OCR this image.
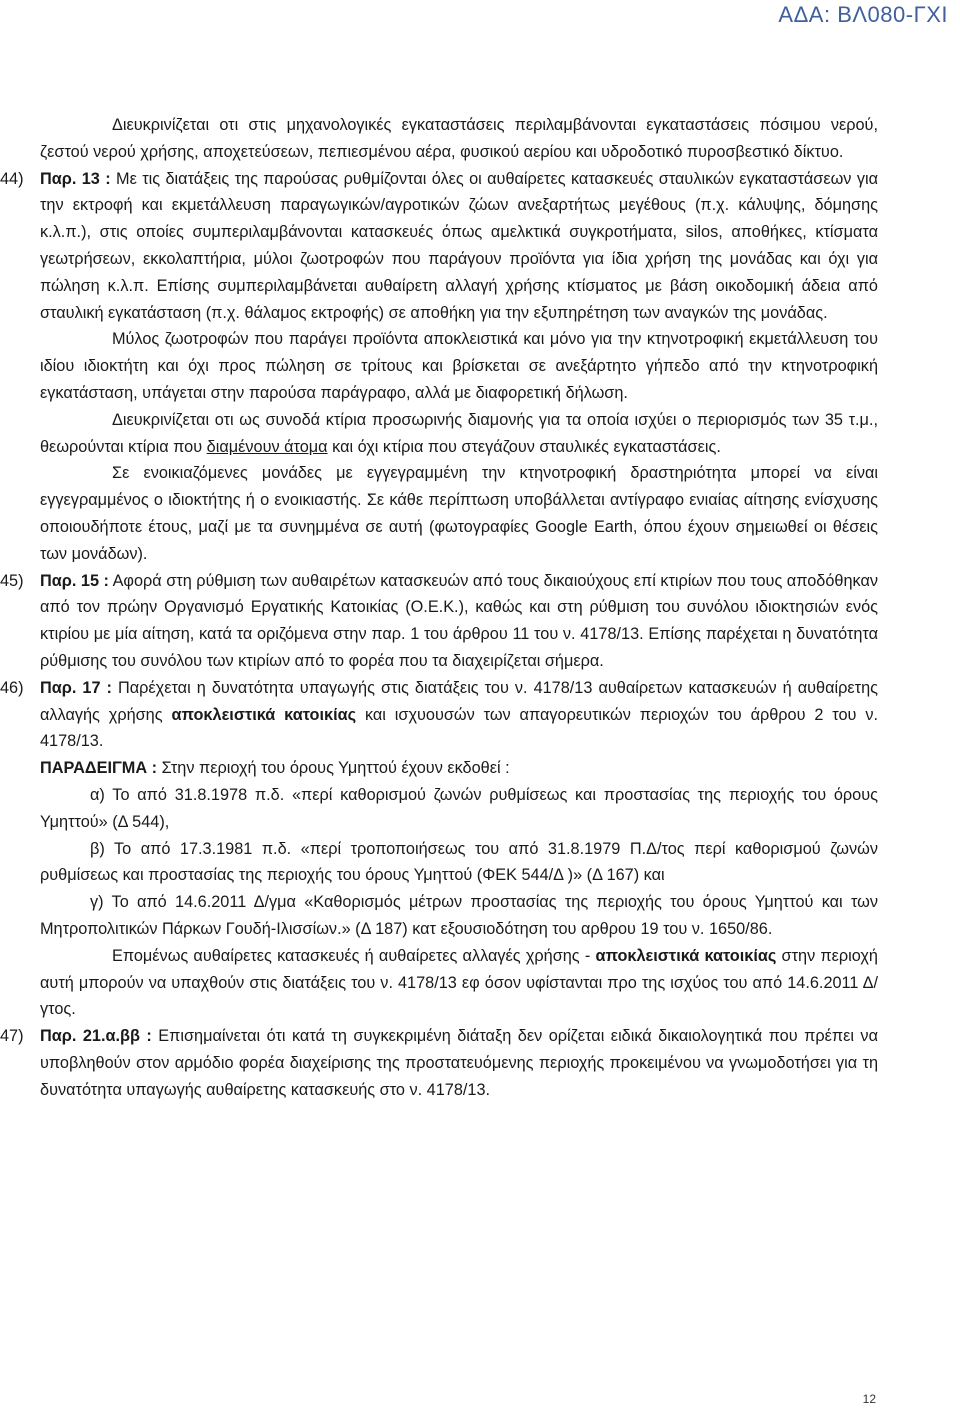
ΑΔΑ: ΒΛ080-ΓΧΙ

Διευκρινίζεται οτι στις μηχανολογικές εγκαταστάσεις περιλαμβάνονται εγκαταστάσεις πόσιμου νερού, ζεστού νερού χρήσης, αποχετεύσεων, πεπιεσμένου αέρα, φυσικού αερίου και υδροδοτικό πυροσβεστικό δίκτυο.

44) Παρ. 13 : Με τις διατάξεις της παρούσας ρυθμίζονται όλες οι αυθαίρετες κατασκευές σταυλικών εγκαταστάσεων για την εκτροφή και εκμετάλλευση παραγωγικών/αγροτικών ζώων ανεξαρτήτως μεγέθους (π.χ. κάλυψης, δόμησης κ.λ.π.), στις οποίες συμπεριλαμβάνονται κατασκευές όπως αμελκτικά συγκροτήματα, silos, αποθήκες, κτίσματα γεωτρήσεων, εκκολαπτήρια, μύλοι ζωοτροφών που παράγουν προϊόντα για ίδια χρήση της μονάδας και όχι για πώληση κ.λ.π. Επίσης συμπεριλαμβάνεται αυθαίρετη αλλαγή χρήσης κτίσματος με βάση οικοδομική άδεια από σταυλική εγκατάσταση (π.χ. θάλαμος εκτροφής) σε αποθήκη για την εξυπηρέτηση των αναγκών της μονάδας.

Μύλος ζωοτροφών που παράγει προϊόντα αποκλειστικά και μόνο για την κτηνοτροφική εκμετάλλευση του ιδίου ιδιοκτήτη και όχι προς πώληση σε τρίτους και βρίσκεται σε ανεξάρτητο γήπεδο από την κτηνοτροφική εγκατάσταση, υπάγεται στην παρούσα παράγραφο, αλλά με διαφορετική δήλωση.

Διευκρινίζεται οτι ως συνοδά κτίρια προσωρινής διαμονής για τα οποία ισχύει ο περιορισμός των 35 τ.μ., θεωρούνται κτίρια που διαμένουν άτομα και όχι κτίρια που στεγάζουν σταυλικές εγκαταστάσεις.

Σε ενοικιαζόμενες μονάδες με εγγεγραμμένη την κτηνοτροφική δραστηριότητα μπορεί να είναι εγγεγραμμένος ο ιδιοκτήτης ή ο ενοικιαστής. Σε κάθε περίπτωση υποβάλλεται αντίγραφο ενιαίας αίτησης ενίσχυσης οποιουδήποτε έτους, μαζί με τα συνημμένα σε αυτή (φωτογραφίες Google Earth, όπου έχουν σημειωθεί οι θέσεις των μονάδων).

45) Παρ. 15 : Αφορά στη ρύθμιση των αυθαιρέτων κατασκευών από τους δικαιούχους επί κτιρίων που τους αποδόθηκαν από τον πρώην Οργανισμό Εργατικής Κατοικίας (Ο.Ε.Κ.), καθώς και στη ρύθμιση του συνόλου ιδιοκτησιών ενός κτιρίου με μία αίτηση, κατά τα οριζόμενα στην παρ. 1 του άρθρου 11 του ν. 4178/13. Επίσης παρέχεται η δυνατότητα ρύθμισης του συνόλου των κτιρίων από το φορέα που τα διαχειρίζεται σήμερα.

46) Παρ. 17 : Παρέχεται η δυνατότητα υπαγωγής στις διατάξεις του ν. 4178/13 αυθαίρετων κατασκευών ή αυθαίρετης αλλαγής χρήσης αποκλειστικά κατοικίας και ισχυουσών των απαγορευτικών περιοχών του άρθρου 2 του ν. 4178/13.

ΠΑΡΑΔΕΙΓΜΑ : Στην περιοχή του όρους Υμηττού έχουν εκδοθεί :

α) Το από 31.8.1978 π.δ. «περί καθορισμού ζωνών ρυθμίσεως και προστασίας της περιοχής του όρους Υμηττού» (Δ 544),

β) Το από 17.3.1981 π.δ. «περί τροποποιήσεως του από 31.8.1979 Π.Δ/τος περί καθορισμού ζωνών ρυθμίσεως και προστασίας της περιοχής του όρους Υμηττού (ΦΕΚ 544/Δ )» (Δ 167) και

γ) Το από 14.6.2011 Δ/γμα «Καθορισμός μέτρων προστασίας της περιοχής του όρους Υμηττού και των Μητροπολιτικών Πάρκων Γουδή-Ιλισσίων.» (Δ 187) κατ εξουσιοδότηση του αρθρου 19 του ν. 1650/86.

Επομένως αυθαίρετες κατασκευές ή αυθαίρετες αλλαγές χρήσης - αποκλειστικά κατοικίας στην περιοχή αυτή μπορούν να υπαχθούν στις διατάξεις του ν. 4178/13 εφ όσον υφίστανται προ της ισχύος του από 14.6.2011 Δ/γτος.

47) Παρ. 21.α.ββ : Επισημαίνεται ότι κατά τη συγκεκριμένη διάταξη δεν ορίζεται ειδικά δικαιολογητικά που πρέπει να υποβληθούν στον αρμόδιο φορέα διαχείρισης της προστατευόμενης περιοχής προκειμένου να γνωμοδοτήσει για τη δυνατότητα υπαγωγής αυθαίρετης κατασκευής στο ν. 4178/13.

12
